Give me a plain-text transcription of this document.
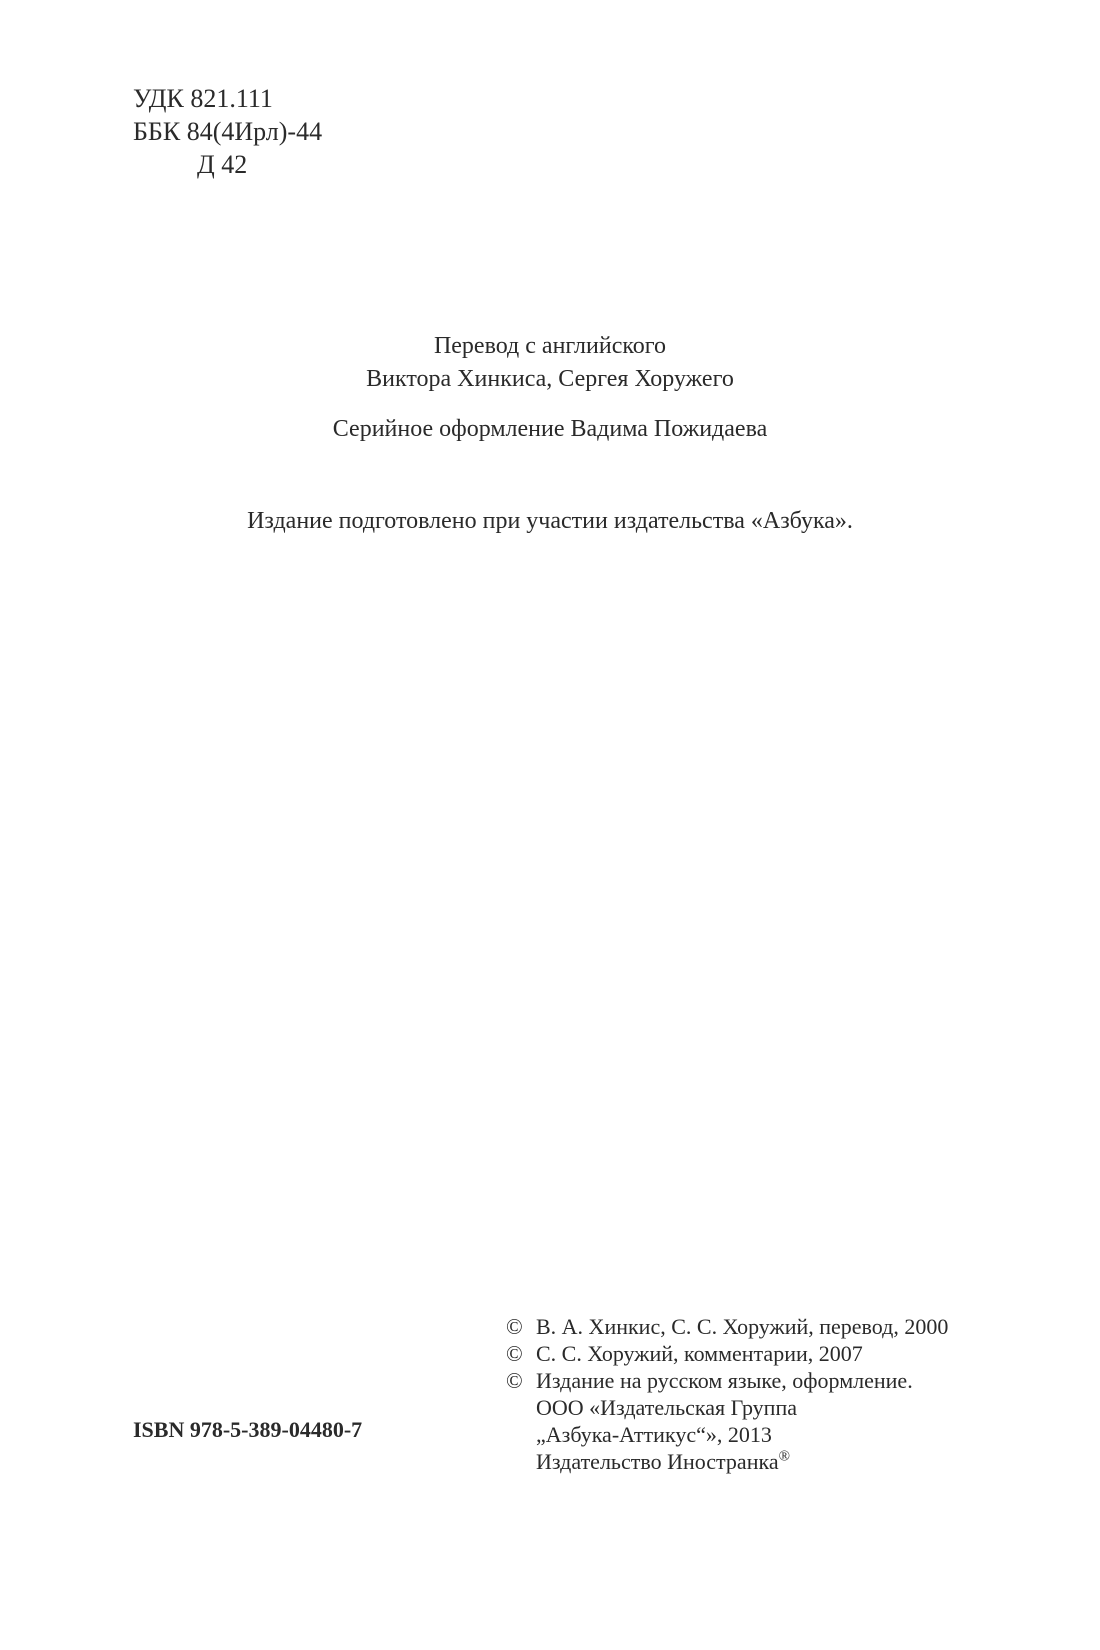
УДК 821.111
ББК 84(4Ирл)-44
Д 42
Перевод с английского
Виктора Хинкиса, Сергея Хоружего
Серийное оформление Вадима Пожидаева
Издание подготовлено при участии издательства «Азбука».
© В. А. Хинкис, С. С. Хоружий, перевод, 2000
© С. С. Хоружий, комментарии, 2007
© Издание на русском языке, оформление.
ООО «Издательская Группа
„Азбука-Аттикус“», 2013
Издательство Иностранка®
ISBN 978-5-389-04480-7
